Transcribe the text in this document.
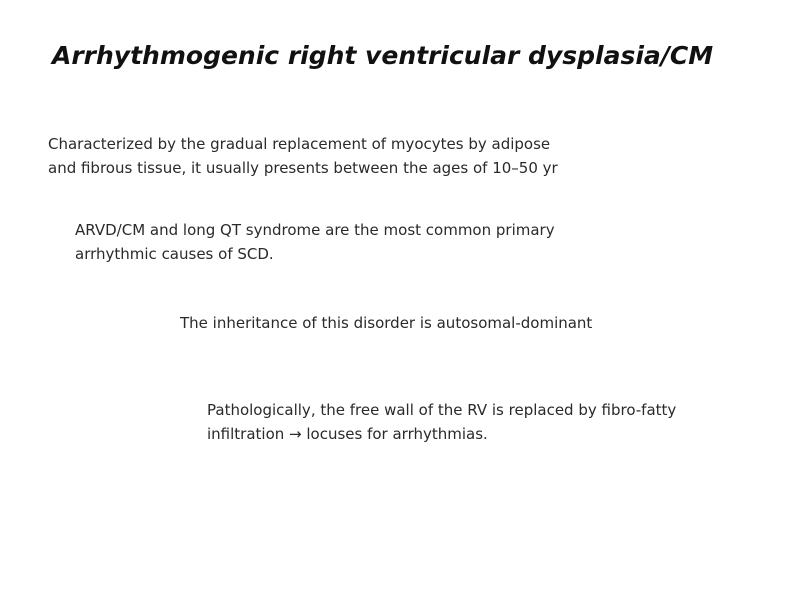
Arrhythmogenic right ventricular dysplasia/CM

Characterized by the gradual replacement of myocytes by adipose
and fibrous tissue, it usually presents between the ages of 10–50 yr

ARVD/CM and long QT syndrome are the most common primary
arrhythmic causes of SCD.

The inheritance of this disorder is autosomal-dominant

Pathologically, the free wall of the RV is replaced by fibro-fatty
infiltration → locuses for arrhythmias.
